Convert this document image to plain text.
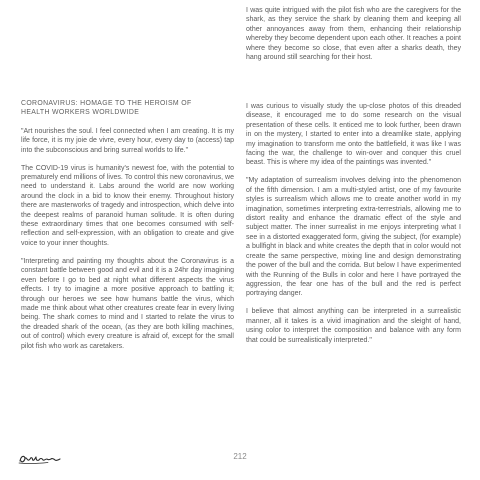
I was quite intrigued with the pilot fish who are the caregivers for the shark, as they service the shark by cleaning them and keeping all other annoyances away from them, enhancing their relationship whereby they become dependent upon each other. It reaches a point where they become so close, that even after a sharks death, they hang around still searching for their host.

CORONAVIRUS: HOMAGE TO THE HEROISM OF
HEALTH WORKERS WORLDWIDE

"Art nourishes the soul. I feel connected when I am creating. It is my life force, it is my joie de vivre, every hour, every day to (access) tap into the subconscious and bring surreal worlds to life."

The COVID-19 virus is humanity's newest foe, with the potential to prematurely end millions of lives. To control this new coronavirus, we need to understand it. Labs around the world are now working around the clock in a bid to know their enemy. Throughout history there are masterworks of tragedy and introspection, which delve into the deepest realms of paranoid human solitude. It is often during these extraordinary times that one becomes consumed with self-reflection and self-expression, with an obligation to create and give voice to your inner thoughts.

"Interpreting and painting my thoughts about the Coronavirus is a constant battle between good and evil and it is a 24hr day imagining even before I go to bed at night what different aspects the virus effects. I try to imagine a more positive approach to battling it; through our heroes we see how humans battle the virus, which made me think about what other creatures create fear in every living being. The shark comes to mind and I started to relate the virus to the dreaded shark of the ocean, (as they are both killing machines, out of control) which every creature is afraid of, except for the small pilot fish who work as caretakers.

I was curious to visually study the up-close photos of this dreaded disease, it encouraged me to do some research on the visual presentation of these cells. It enticed me to look further, been drawn in on the mystery, I started to enter into a dreamlike state, applying my imagination to transform me onto the battlefield, it was like I was facing the war, the challenge to win-over and conquer this cruel beast. This is where my idea of the paintings was invented."

"My adaptation of surrealism involves delving into the phenomenon of the fifth dimension. I am a multi-styled artist, one of my favourite styles is surrealism which allows me to create another world in my imagination, sometimes interpreting extra-terrestrials, allowing me to distort reality and enhance the dramatic effect of the style and subject matter. The inner surrealist in me enjoys interpreting what I see in a distorted exaggerated form, giving the subject, (for example) a bullfight in black and white creates the depth that in color would not create the same perspective, mixing line and design demonstrating the power of the bull and the corrida. But below I have experimented with the Running of the Bulls in color and here I have portrayed the aggression, the fear one has of the bull and the red is perfect portraying danger.

I believe that almost anything can be interpreted in a surrealistic manner, all it takes is a vivid imagination and the sleight of hand, using color to interpret the composition and balance with any form that could be surrealistically interpreted."

212
